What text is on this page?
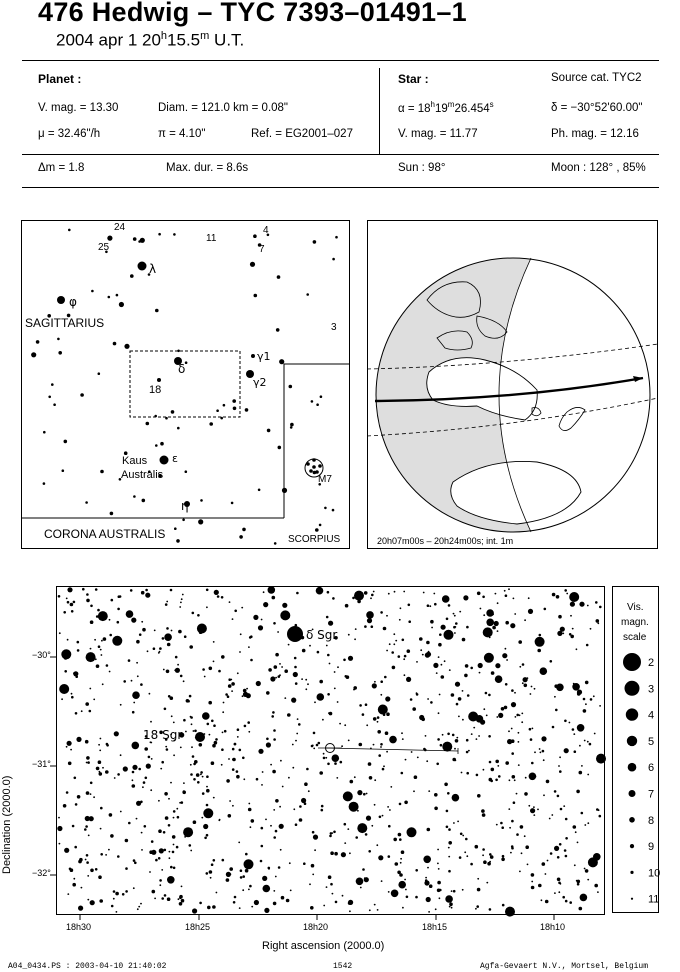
476 Hedwig – TYC 7393–01491–1
2004 apr 1 20$^h$15.5$^m$ U.T.
Planet :
V. mag. = 13.30	Diam. = 121.0 km = 0.08"
μ = 32.46"/h	π = 4.10"	Ref. = EG2001–027
Δm = 1.8	Max. dur. = 8.6s
Star :	Source cat. TYC2
$\alpha = 18^h19^m26.454^s$	δ = −30°52'60.00"
V. mag. = 11.77	Ph. mag. = 12.16
Sun : 98°	Moon : 128° , 85%
SAGITTARIUS
CORONA AUSTRALIS	SCORPIUS
Kaus
Australis
24
25
11
4
7
3
18
λ
φ
δ
γ1
γ2
ε
η
M7
20h07m00s – 20h24m00s; int. 1m
δ Sgr
18 Sgr
−30°
−31°
−32°
18h30	18h25	18h20	18h15	18h10
Right ascension (2000.0)
Declination (2000.0)
Vis.
magn.
scale
2
3
4
5
6
7
8
9
10
11
A04_0434.PS : 2003-04-10 21:40:02	1542	Agfa-Gevaert N.V., Mortsel, Belgium
